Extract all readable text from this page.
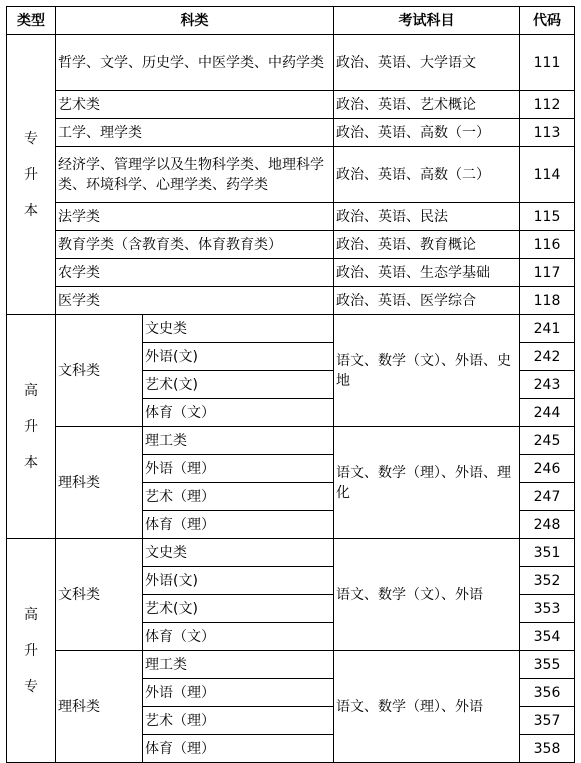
类型	科类		考试科目	代码

专
升
本	哲学、文学、历史学、中医学类、中药学类		政治、英语、大学语文	111
	艺术类		政治、英语、艺术概论	112
	工学、理学类		政治、英语、高数（一）	113
	经济学、管理学以及生物科学类、地理科学类、环境科学、心理学类、药学类		政治、英语、高数（二）	114
	法学类		政治、英语、民法	115
	教育学类（含教育类、体育教育类）		政治、英语、教育概论	116
	农学类		政治、英语、生态学基础	117
	医学类		政治、英语、医学综合	118

高
升
本	文科类	文史类	语文、数学（文）、外语、史地	241
		外语(文)		242
		艺术(文)		243
		体育（文）		244
	理科类	理工类	语文、数学（理）、外语、理化	245
		外语（理）		246
		艺术（理）		247
		体育（理）		248

高
升
专	文科类	文史类	语文、数学（文）、外语	351
		外语(文)		352
		艺术(文)		353
		体育（文）		354
	理科类	理工类	语文、数学（理）、外语	355
		外语（理）		356
		艺术（理）		357
		体育（理）		358
